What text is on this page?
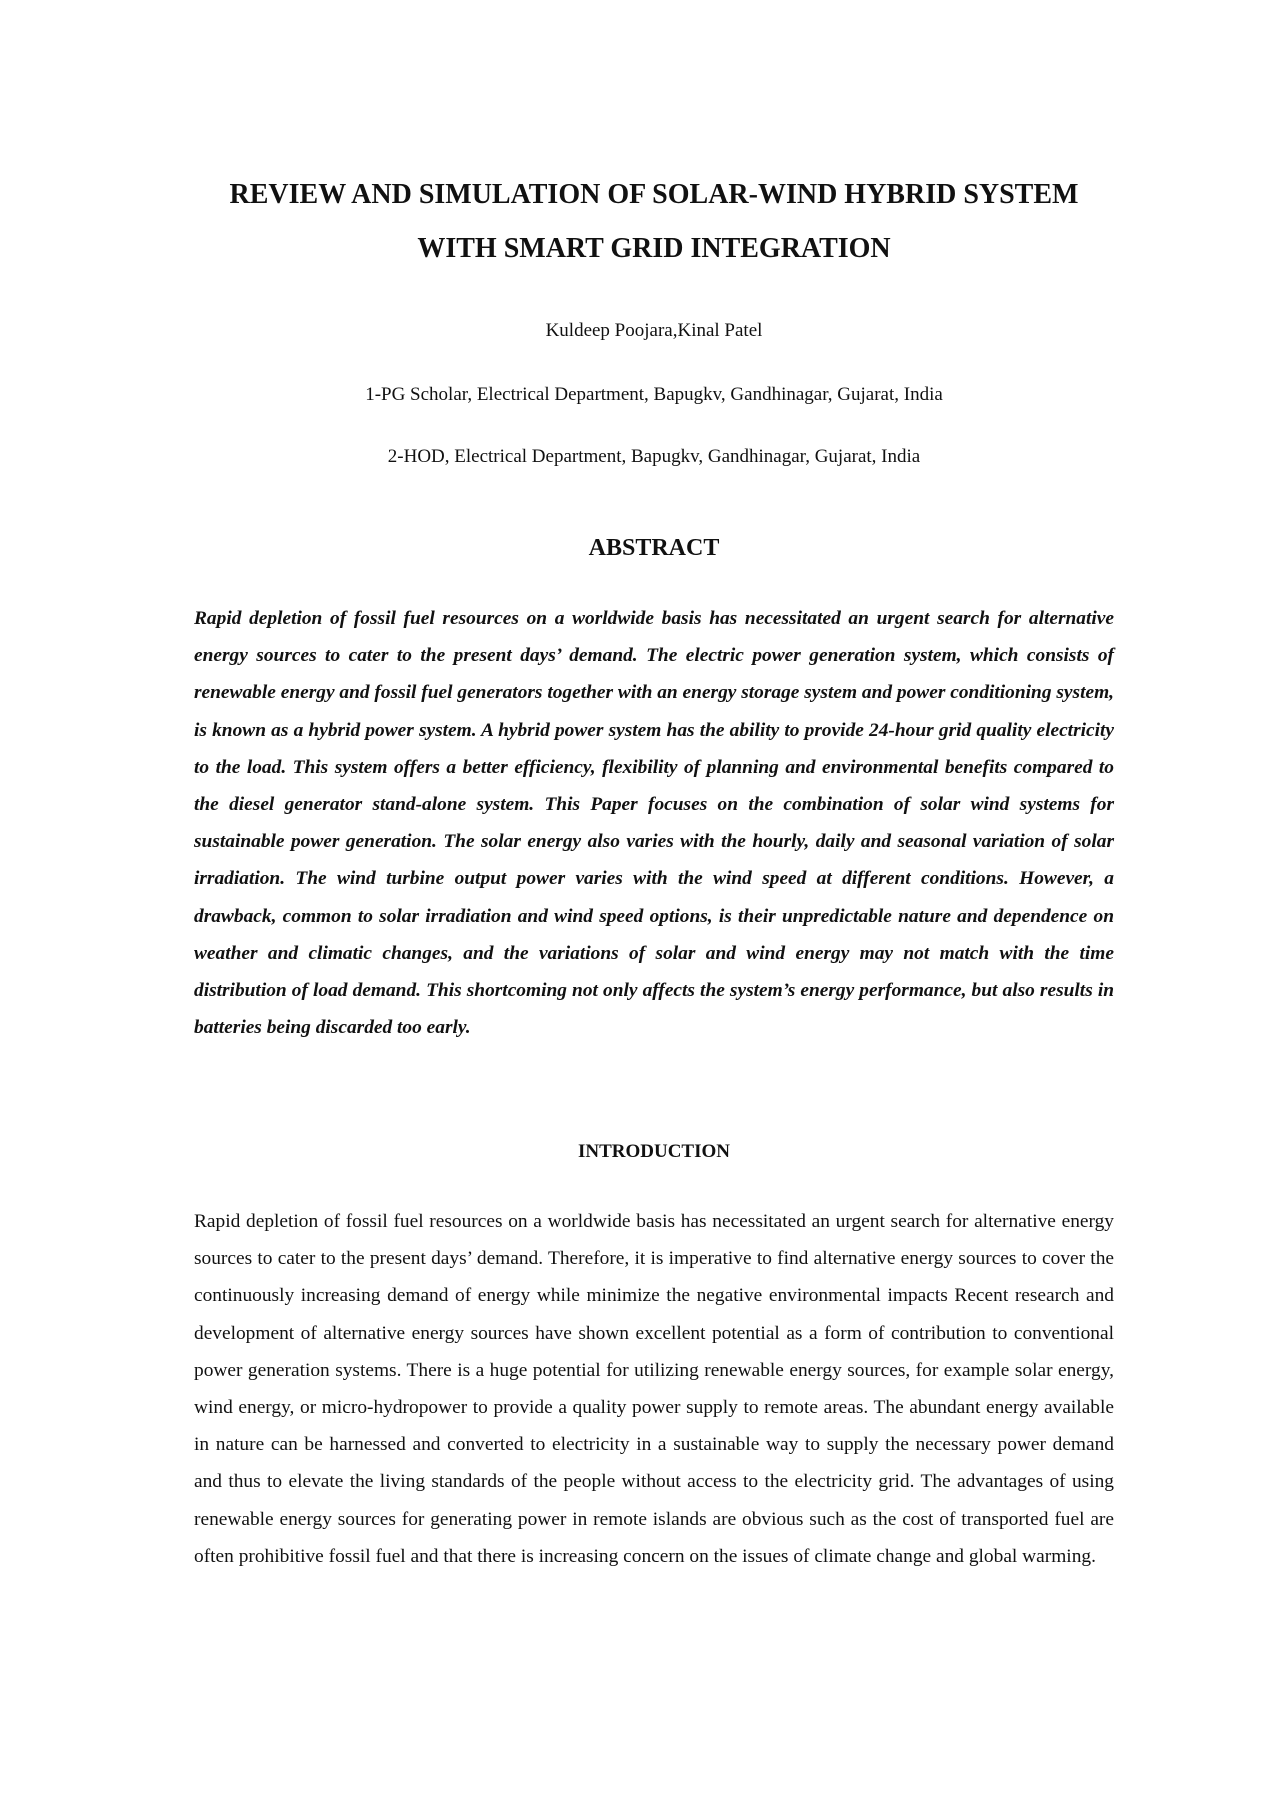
REVIEW AND SIMULATION OF SOLAR-WIND HYBRID SYSTEM
WITH SMART GRID INTEGRATION

Kuldeep Poojara,Kinal Patel

1-PG Scholar, Electrical Department, Bapugkv, Gandhinagar, Gujarat, India

2-HOD, Electrical Department, Bapugkv, Gandhinagar, Gujarat, India

ABSTRACT

Rapid depletion of fossil fuel resources on a worldwide basis has necessitated an urgent search for alternative energy sources to cater to the present days’ demand. The electric power generation system, which consists of renewable energy and fossil fuel generators together with an energy storage system and power conditioning system, is known as a hybrid power system. A hybrid power system has the ability to provide 24-hour grid quality electricity to the load. This system offers a better efficiency, flexibility of planning and environmental benefits compared to the diesel generator stand-alone system. This Paper focuses on the combination of solar wind systems for sustainable power generation. The solar energy also varies with the hourly, daily and seasonal variation of solar irradiation. The wind turbine output power varies with the wind speed at different conditions. However, a drawback, common to solar irradiation and wind speed options, is their unpredictable nature and dependence on weather and climatic changes, and the variations of solar and wind energy may not match with the time distribution of load demand. This shortcoming not only affects the system’s energy performance, but also results in batteries being discarded too early.

INTRODUCTION

Rapid depletion of fossil fuel resources on a worldwide basis has necessitated an urgent search for alternative energy sources to cater to the present days’ demand. Therefore, it is imperative to find alternative energy sources to cover the continuously increasing demand of energy while minimize the negative environmental impacts Recent research and development of alternative energy sources have shown excellent potential as a form of contribution to conventional power generation systems. There is a huge potential for utilizing renewable energy sources, for example solar energy, wind energy, or micro-hydropower to provide a quality power supply to remote areas. The abundant energy available in nature can be harnessed and converted to electricity in a sustainable way to supply the necessary power demand and thus to elevate the living standards of the people without access to the electricity grid. The advantages of using renewable energy sources for generating power in remote islands are obvious such as the cost of transported fuel are often prohibitive fossil fuel and that there is increasing concern on the issues of climate change and global warming.
